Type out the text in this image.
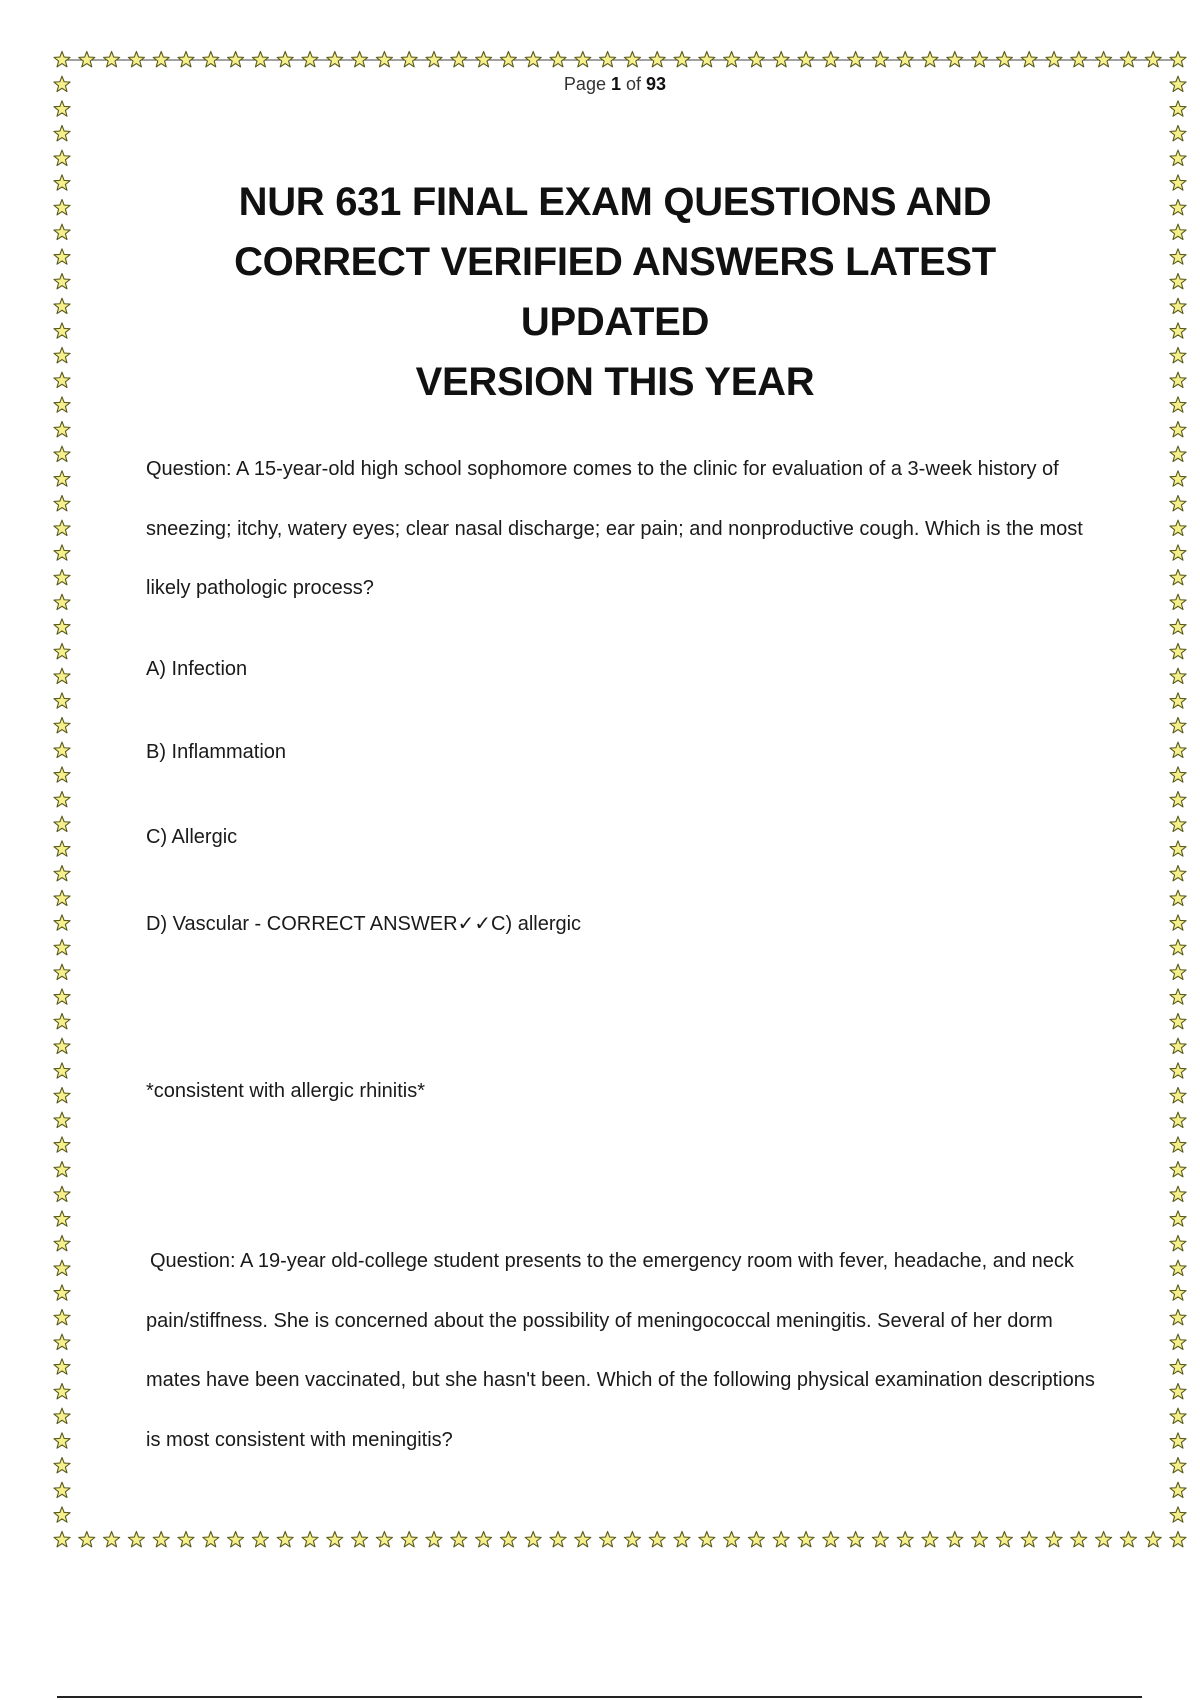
Page 1 of 93
NUR 631 FINAL EXAM QUESTIONS AND
CORRECT VERIFIED ANSWERS LATEST UPDATED
VERSION THIS YEAR

Question: A 15-year-old high school sophomore comes to the clinic for evaluation of a 3-week history of sneezing; itchy, watery eyes; clear nasal discharge; ear pain; and nonproductive cough. Which is the most likely pathologic process?

A) Infection

B) Inflammation

C) Allergic

D) Vascular - CORRECT ANSWER✓✓C) allergic

*consistent with allergic rhinitis*

Question: A 19-year old-college student presents to the emergency room with fever, headache, and neck pain/stiffness. She is concerned about the possibility of meningococcal meningitis. Several of her dorm mates have been vaccinated, but she hasn't been. Which of the following physical examination descriptions is most consistent with meningitis?
